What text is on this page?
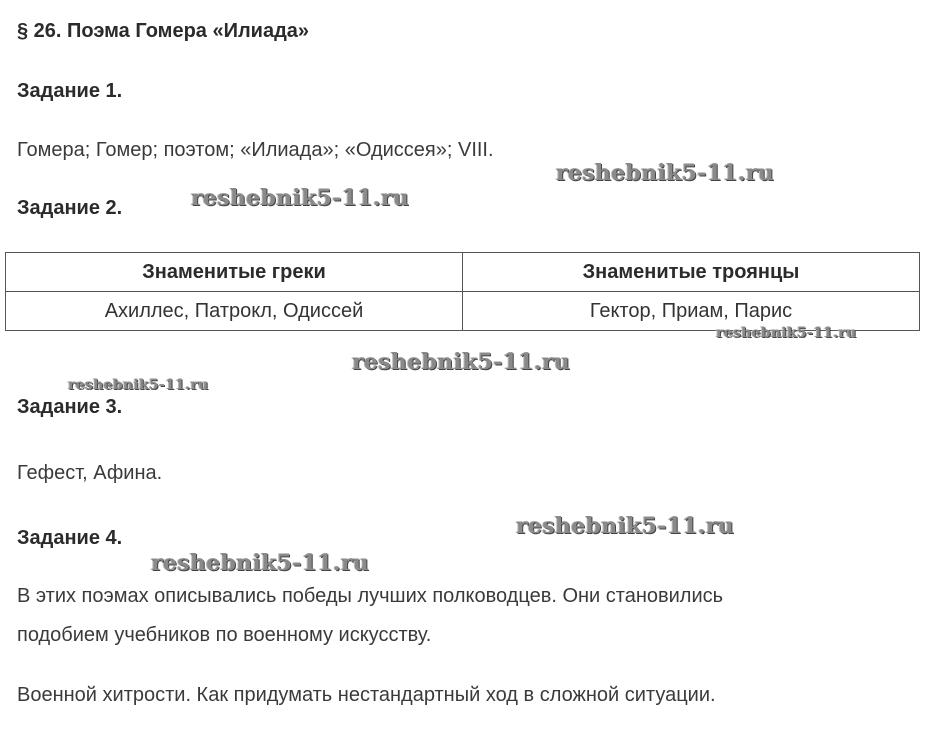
§ 26. Поэма Гомера «Илиада»
Задание 1.
Гомера; Гомер; поэтом; «Илиада»; «Одиссея»; VIII.
Задание 2.
Знаменитые греки	Знаменитые троянцы
Ахиллес, Патрокл, Одиссей	Гектор, Приам, Парис
Задание 3.
Гефест, Афина.
Задание 4.
В этих поэмах описывались победы лучших полководцев. Они становились
подобием учебников по военному искусству.
Военной хитрости. Как придумать нестандартный ход в сложной ситуации.
reshebnik5-11.ru
reshebnik5-11.ru
reshebnik5-11.ru
reshebnik5-11.ru
reshebnik5-11.ru
reshebnik5-11.ru
reshebnik5-11.ru
